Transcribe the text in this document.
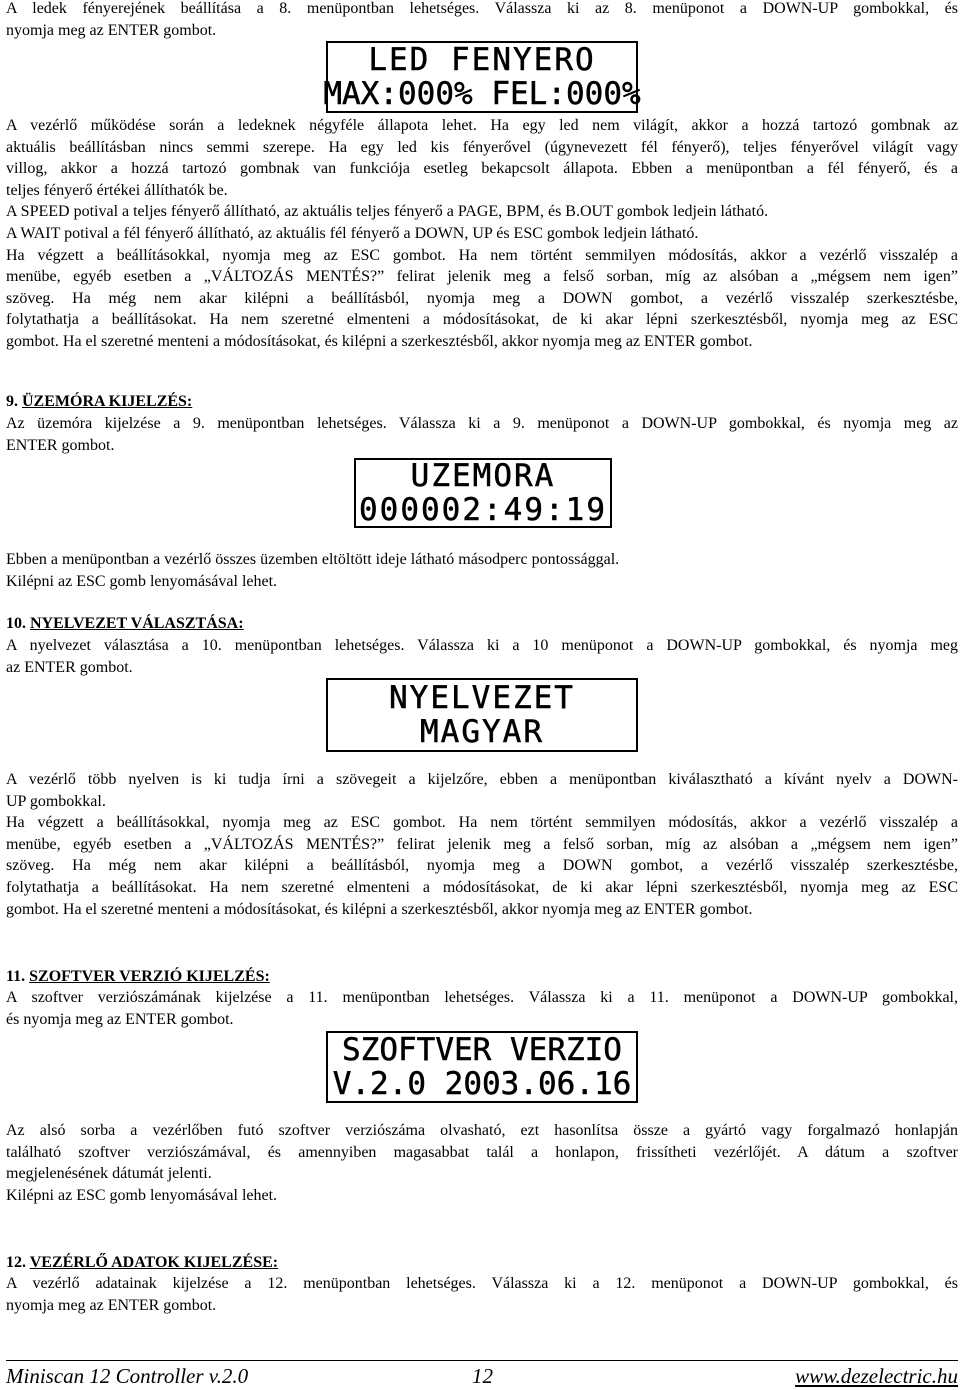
A ledek fényerejének beállítása a 8. menüpontban lehetséges. Válassza ki az 8. menüponot a DOWN-UP gombokkal, és
nyomja meg az ENTER gombot.
LED FENYERO
MAX:000% FEL:000%
A vezérlő működése során a ledeknek négyféle állapota lehet. Ha egy led nem világít, akkor a hozzá tartozó gombnak az
aktuális beállításban nincs semmi szerepe. Ha egy led kis fényerővel (úgynevezett fél fényerő), teljes fényerővel világít vagy
villog, akkor a hozzá tartozó gombnak van funkciója esetleg bekapcsolt állapota. Ebben a menüpontban a fél fényerő, és a
teljes fényerő értékei állíthatók be.
A SPEED potival a teljes fényerő állítható, az aktuális teljes fényerő a PAGE, BPM, és B.OUT gombok ledjein látható.
A WAIT potival a fél fényerő állítható, az aktuális fél fényerő a DOWN, UP és ESC gombok ledjein látható.
Ha végzett a beállításokkal, nyomja meg az ESC gombot. Ha nem történt semmilyen módosítás, akkor a vezérlő visszalép a
menübe, egyéb esetben a „VÁLTOZÁS MENTÉS?” felirat jelenik meg a felső sorban, míg az alsóban a „mégsem nem igen”
szöveg. Ha még nem akar kilépni a beállításból, nyomja meg a DOWN gombot, a vezérlő visszalép szerkesztésbe,
folytathatja a beállításokat. Ha nem szeretné elmenteni a módosításokat, de ki akar lépni szerkesztésből, nyomja meg az ESC
gombot. Ha el szeretné menteni a módosításokat, és kilépni a szerkesztésből, akkor nyomja meg az ENTER gombot.
9. ÜZEMÓRA KIJELZÉS:
Az üzemóra kijelzése a 9. menüpontban lehetséges. Válassza ki a 9. menüponot a DOWN-UP gombokkal, és nyomja meg az
ENTER gombot.
UZEMORA
000002:49:19
Ebben a menüpontban a vezérlő összes üzemben eltöltött ideje látható másodperc pontossággal.
Kilépni az ESC gomb lenyomásával lehet.
10. NYELVEZET VÁLASZTÁSA:
A nyelvezet választása a 10. menüpontban lehetséges. Válassza ki a 10 menüponot a DOWN-UP gombokkal, és nyomja meg
az ENTER gombot.
NYELVEZET
MAGYAR
A vezérlő több nyelven is ki tudja írni a szövegeit a kijelzőre, ebben a menüpontban kiválasztható a kívánt nyelv a DOWN-
UP gombokkal.
Ha végzett a beállításokkal, nyomja meg az ESC gombot. Ha nem történt semmilyen módosítás, akkor a vezérlő visszalép a
menübe, egyéb esetben a „VÁLTOZÁS MENTÉS?” felirat jelenik meg a felső sorban, míg az alsóban a „mégsem nem igen”
szöveg. Ha még nem akar kilépni a beállításból, nyomja meg a DOWN gombot, a vezérlő visszalép szerkesztésbe,
folytathatja a beállításokat. Ha nem szeretné elmenteni a módosításokat, de ki akar lépni szerkesztésből, nyomja meg az ESC
gombot. Ha el szeretné menteni a módosításokat, és kilépni a szerkesztésből, akkor nyomja meg az ENTER gombot.
11. SZOFTVER VERZIÓ KIJELZÉS:
A szoftver verziószámának kijelzése a 11. menüpontban lehetséges. Válassza ki a 11. menüponot a DOWN-UP gombokkal,
és nyomja meg az ENTER gombot.
SZOFTVER VERZIO
V.2.0 2003.06.16
Az alsó sorba a vezérlőben futó szoftver verziószáma olvasható, ezt hasonlítsa össze a gyártó vagy forgalmazó honlapján
található szoftver verziószámával, és amennyiben magasabbat talál a honlapon, frissítheti vezérlőjét. A dátum a szoftver
megjelenésének dátumát jelenti.
Kilépni az ESC gomb lenyomásával lehet.
12. VEZÉRLŐ ADATOK KIJELZÉSE:
A vezérlő adatainak kijelzése a 12. menüpontban lehetséges. Válassza ki a 12. menüponot a DOWN-UP gombokkal, és
nyomja meg az ENTER gombot.
Miniscan 12 Controller v.2.0	12	www.dezelectric.hu
